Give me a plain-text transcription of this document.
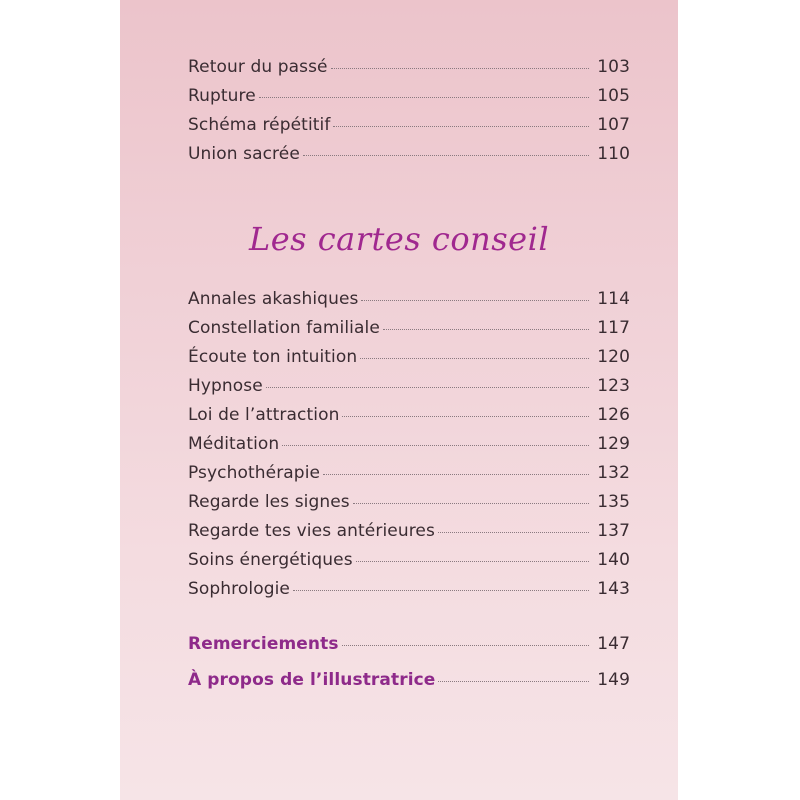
Retour du passé	103
Rupture	105
Schéma répétitif	107
Union sacrée	110
Les cartes conseil
Annales akashiques	114
Constellation familiale	117
Écoute ton intuition	120
Hypnose	123
Loi de l’attraction	126
Méditation	129
Psychothérapie	132
Regarde les signes	135
Regarde tes vies antérieures	137
Soins énergétiques	140
Sophrologie	143
Remerciements	147
À propos de l’illustratrice	149
